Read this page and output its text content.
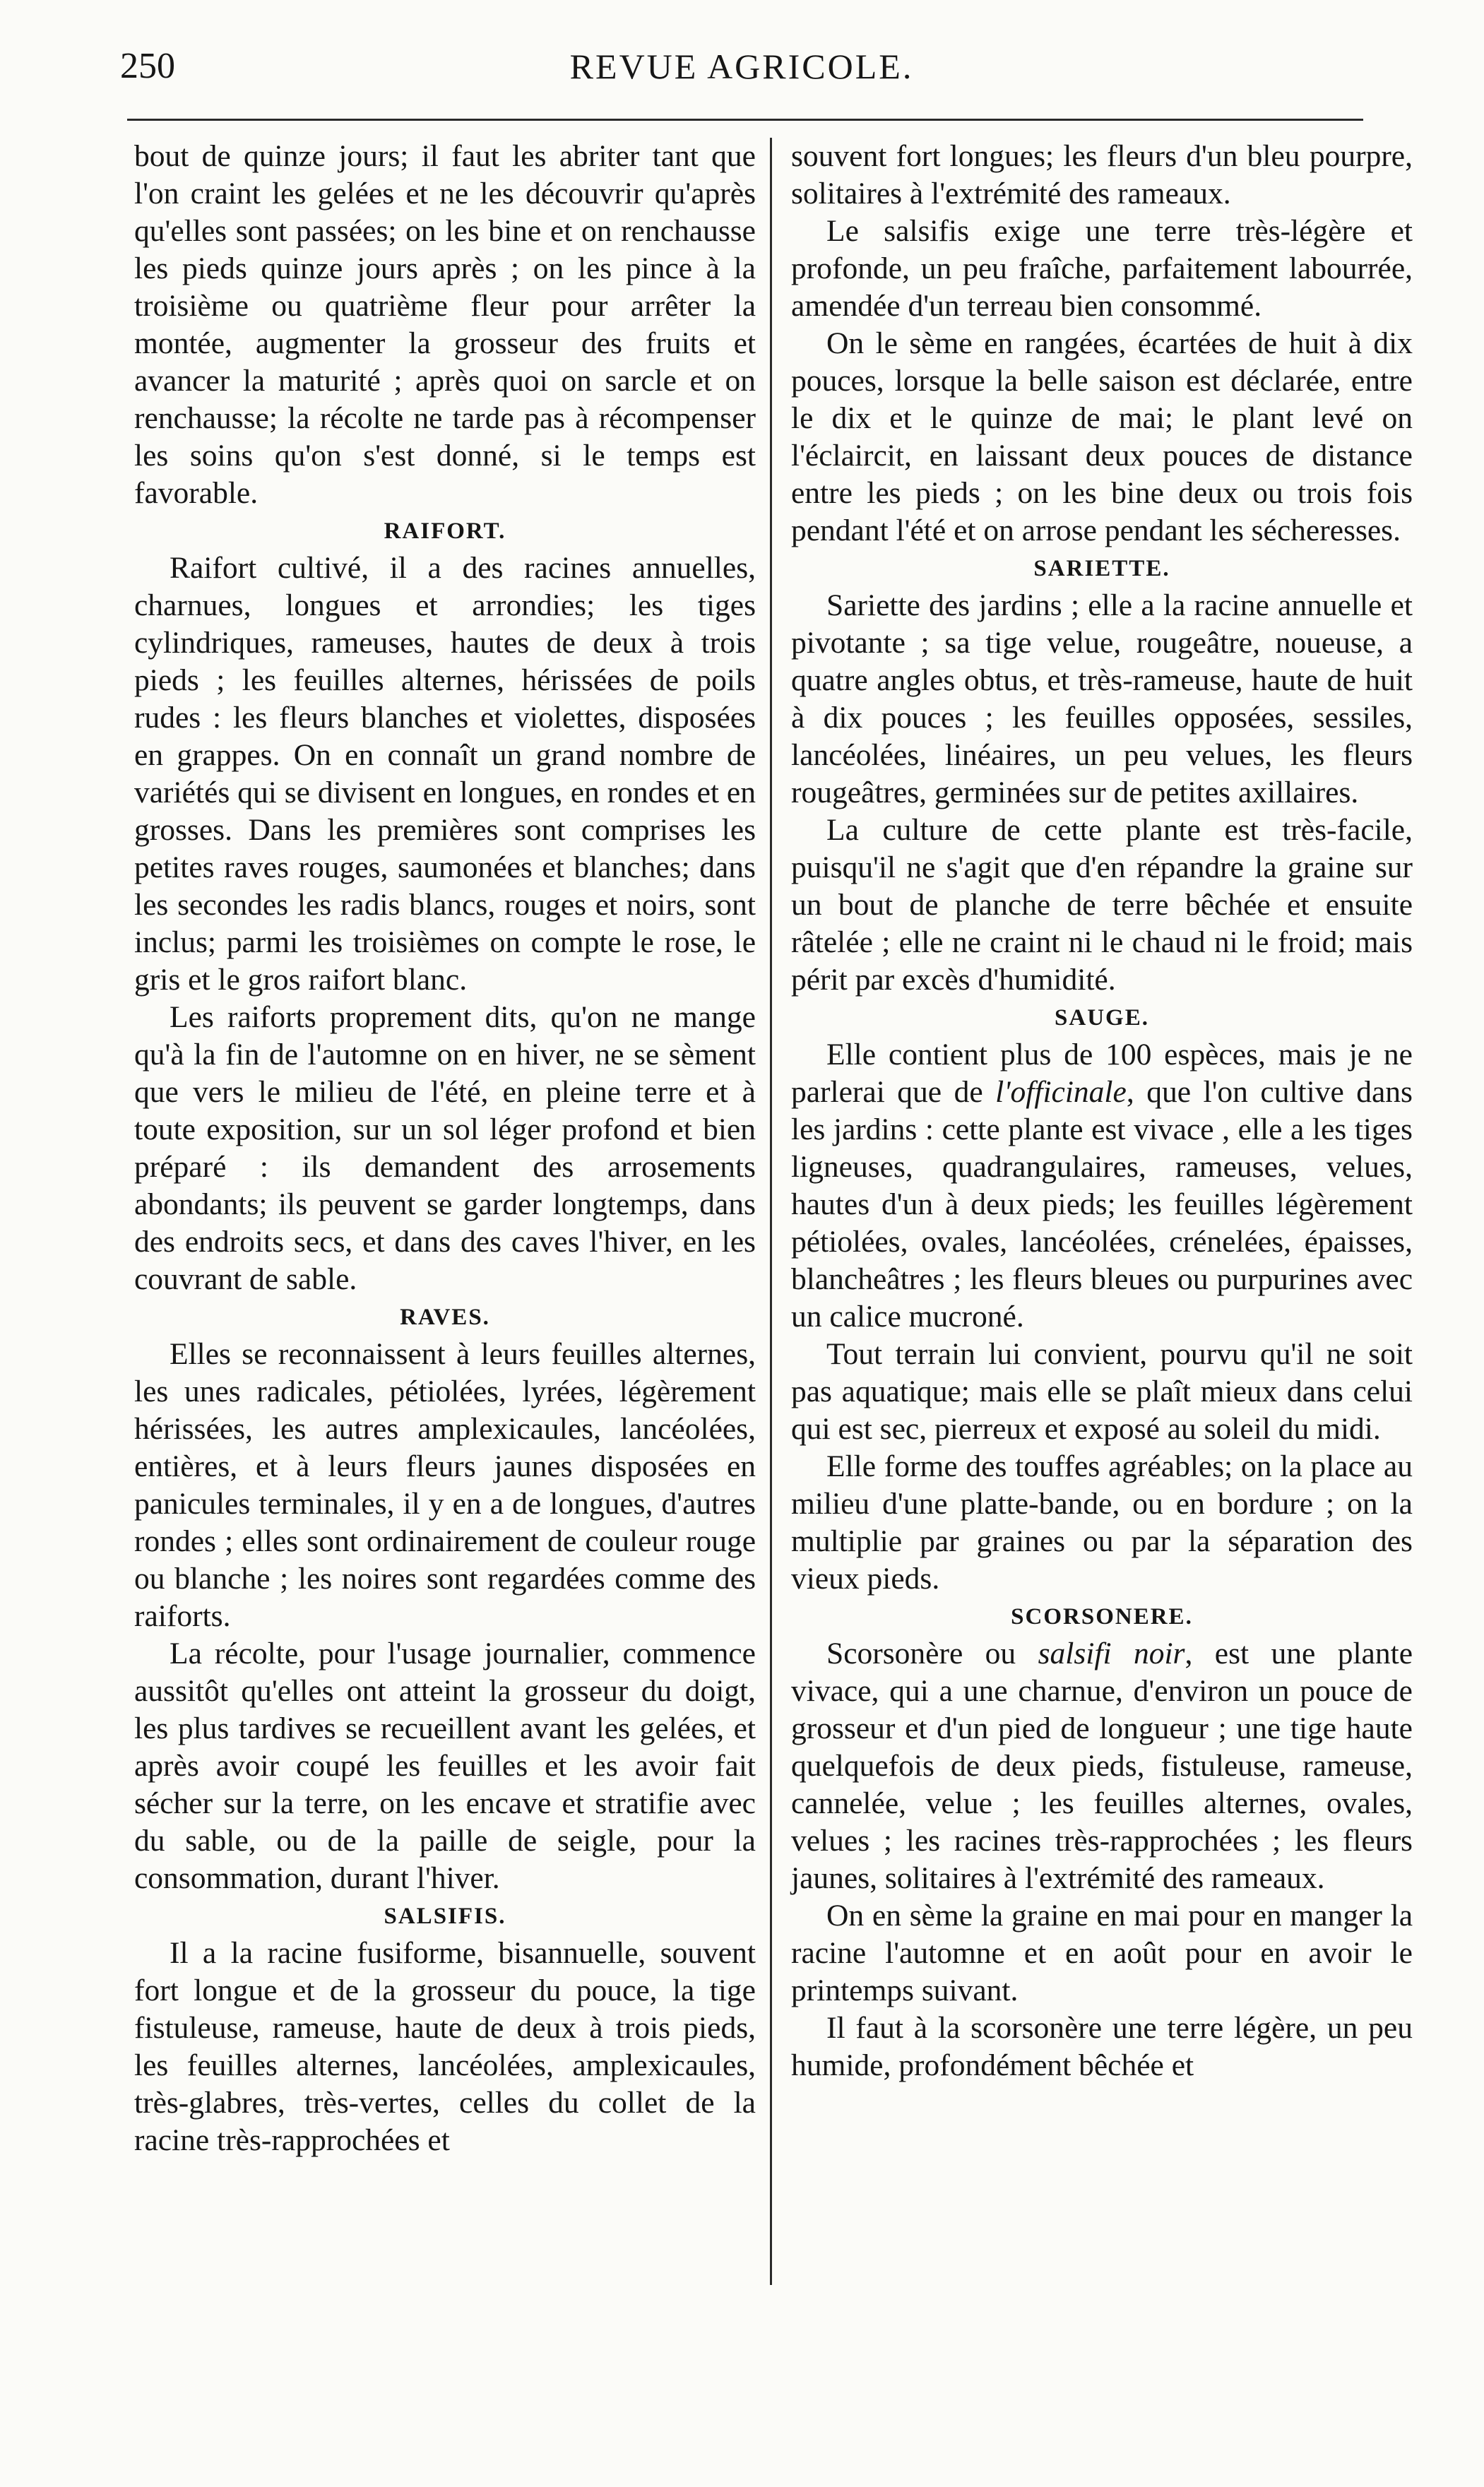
250	REVUE AGRICOLE.

bout de quinze jours; il faut les abriter tant que l'on craint les gelées et ne les découvrir qu'après qu'elles sont passées; on les bine et on renchausse les pieds quinze jours après ; on les pince à la troisième ou quatrième fleur pour arrêter la montée, augmenter la grosseur des fruits et avancer la maturité ; après quoi on sarcle et on renchausse; la récolte ne tarde pas à récompenser les soins qu'on s'est donné, si le temps est favorable.

RAIFORT.

Raifort cultivé, il a des racines annuelles, charnues, longues et arrondies; les tiges cylindriques, rameuses, hautes de deux à trois pieds ; les feuilles alternes, hérissées de poils rudes : les fleurs blanches et violettes, disposées en grappes. On en connaît un grand nombre de variétés qui se divisent en longues, en rondes et en grosses. Dans les premières sont comprises les petites raves rouges, saumonées et blanches; dans les secondes les radis blancs, rouges et noirs, sont inclus; parmi les troisièmes on compte le rose, le gris et le gros raifort blanc.

Les raiforts proprement dits, qu'on ne mange qu'à la fin de l'automne on en hiver, ne se sèment que vers le milieu de l'été, en pleine terre et à toute exposition, sur un sol léger profond et bien préparé : ils demandent des arrosements abondants; ils peuvent se garder longtemps, dans des endroits secs, et dans des caves l'hiver, en les couvrant de sable.

RAVES.

Elles se reconnaissent à leurs feuilles alternes, les unes radicales, pétiolées, lyrées, légèrement hérissées, les autres amplexicaules, lancéolées, entières, et à leurs fleurs jaunes disposées en panicules terminales, il y en a de longues, d'autres rondes ; elles sont ordinairement de couleur rouge ou blanche ; les noires sont regardées comme des raiforts.

La récolte, pour l'usage journalier, commence aussitôt qu'elles ont atteint la grosseur du doigt, les plus tardives se recueillent avant les gelées, et après avoir coupé les feuilles et les avoir fait sécher sur la terre, on les encave et stratifie avec du sable, ou de la paille de seigle, pour la consommation, durant l'hiver.

SALSIFIS.

Il a la racine fusiforme, bisannuelle, souvent fort longue et de la grosseur du pouce, la tige fistuleuse, rameuse, haute de deux à trois pieds, les feuilles alternes, lancéolées, amplexicaules, très-glabres, très-vertes, celles du collet de la racine très-rapprochées et

souvent fort longues; les fleurs d'un bleu pourpre, solitaires à l'extrémité des rameaux.

Le salsifis exige une terre très-légère et profonde, un peu fraîche, parfaitement labourrée, amendée d'un terreau bien consommé.

On le sème en rangées, écartées de huit à dix pouces, lorsque la belle saison est déclarée, entre le dix et le quinze de mai; le plant levé on l'éclaircit, en laissant deux pouces de distance entre les pieds ; on les bine deux ou trois fois pendant l'été et on arrose pendant les sécheresses.

SARIETTE.

Sariette des jardins ; elle a la racine annuelle et pivotante ; sa tige velue, rougeâtre, noueuse, a quatre angles obtus, et très-rameuse, haute de huit à dix pouces ; les feuilles opposées, sessiles, lancéolées, linéaires, un peu velues, les fleurs rougeâtres, germinées sur de petites axillaires.

La culture de cette plante est très-facile, puisqu'il ne s'agit que d'en répandre la graine sur un bout de planche de terre bêchée et ensuite râtelée ; elle ne craint ni le chaud ni le froid; mais périt par excès d'humidité.

SAUGE.

Elle contient plus de 100 espèces, mais je ne parlerai que de l'officinale, que l'on cultive dans les jardins : cette plante est vivace , elle a les tiges ligneuses, quadrangulaires, rameuses, velues, hautes d'un à deux pieds; les feuilles légèrement pétiolées, ovales, lancéolées, crénelées, épaisses, blancheâtres ; les fleurs bleues ou purpurines avec un calice mucroné.

Tout terrain lui convient, pourvu qu'il ne soit pas aquatique; mais elle se plaît mieux dans celui qui est sec, pierreux et exposé au soleil du midi.

Elle forme des touffes agréables; on la place au milieu d'une platte-bande, ou en bordure ; on la multiplie par graines ou par la séparation des vieux pieds.

SCORSONERE.

Scorsonère ou salsifi noir, est une plante vivace, qui a une charnue, d'environ un pouce de grosseur et d'un pied de longueur ; une tige haute quelquefois de deux pieds, fistuleuse, rameuse, cannelée, velue ; les feuilles alternes, ovales, velues ; les racines très-rapprochées ; les fleurs jaunes, solitaires à l'extrémité des rameaux.

On en sème la graine en mai pour en manger la racine l'automne et en août pour en avoir le printemps suivant.

Il faut à la scorsonère une terre légère, un peu humide, profondément bêchée et
